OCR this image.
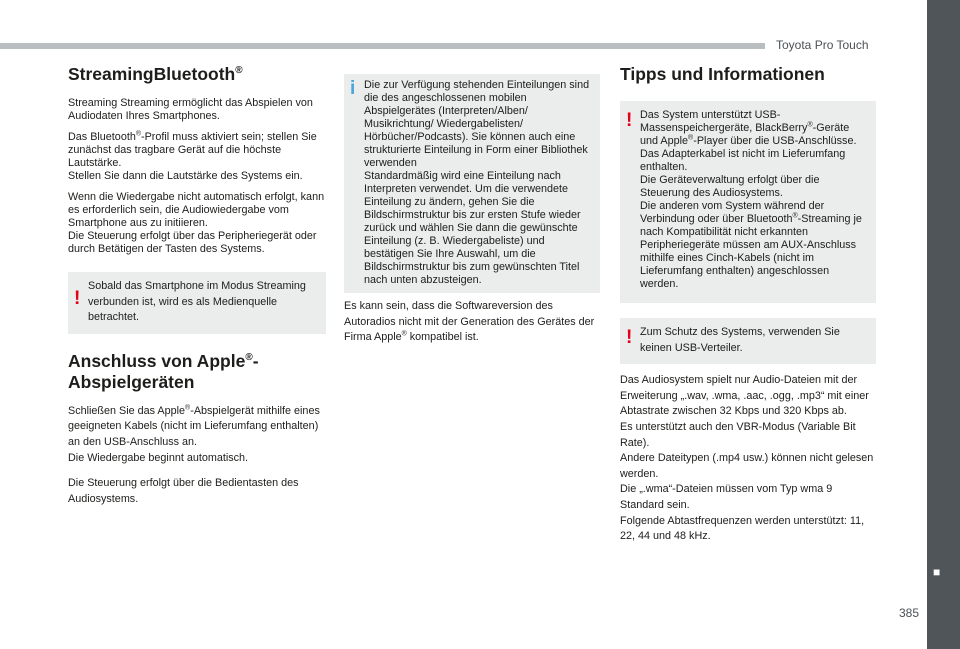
Toyota Pro Touch
■
385
StreamingBluetooth®

Streaming Streaming ermöglicht das Abspielen von Audiodaten Ihres Smartphones.

Das Bluetooth®-Profil muss aktiviert sein; stellen Sie zunächst das tragbare Gerät auf die höchste Lautstärke.
Stellen Sie dann die Lautstärke des Systems ein.

Wenn die Wiedergabe nicht automatisch erfolgt, kann es erforderlich sein, die Audiowiedergabe vom Smartphone aus zu initiieren.
Die Steuerung erfolgt über das Peripheriegerät oder durch Betätigen der Tasten des Systems.

!

Sobald das Smartphone im Modus Streaming verbunden ist, wird es als Medienquelle betrachtet.

Anschluss von Apple®-
Abspielgeräten

Schließen Sie das Apple®-Abspielgerät mithilfe eines geeigneten Kabels (nicht im Lieferumfang enthalten) an den USB-Anschluss an.
Die Wiedergabe beginnt automatisch.

Die Steuerung erfolgt über die Bedientasten des Audiosystems.

i Die zur Verfügung stehenden Einteilungen sind die des angeschlossenen mobilen Abspielgerätes (Interpreten/Alben/ Musikrichtung/ Wiedergabelisten/ Hörbücher/Podcasts). Sie können auch eine strukturierte Einteilung in Form einer Bibliothek verwenden

Standardmäßig wird eine Einteilung nach Interpreten verwendet. Um die verwendete Einteilung zu ändern, gehen Sie die Bildschirmstruktur bis zur ersten Stufe wieder zurück und wählen Sie dann die gewünschte Einteilung (z. B. Wiedergabeliste) und bestätigen Sie Ihre Auswahl, um die Bildschirmstruktur bis zum gewünschten Titel nach unten abzusteigen.

Es kann sein, dass die Softwareversion des Autoradios nicht mit der Generation des Gerätes der Firma Apple® kompatibel ist.

Tipps und Informationen
! Das System unterstützt USB-Massenspeichergeräte, BlackBerry®-Geräte und Apple®-Player über die USB-Anschlüsse. Das Adapterkabel ist nicht im Lieferumfang enthalten.
Die Geräteverwaltung erfolgt über die Steuerung des Audiosystems.
Die anderen vom System während der Verbindung oder über Bluetooth®-Streaming je nach Kompatibilität nicht erkannten Peripheriegeräte müssen am AUX-Anschluss mithilfe eines Cinch-Kabels (nicht im Lieferumfang enthalten) angeschlossen werden.

! Zum Schutz des Systems, verwenden Sie keinen USB-Verteiler.

Das Audiosystem spielt nur Audio-Dateien mit der Erweiterung „.wav, .wma, .aac, .ogg, .mp3“ mit einer Abtastrate zwischen 32 Kbps und 320 Kbps ab.

Es unterstützt auch den VBR-Modus (Variable Bit Rate).

Andere Dateitypen (.mp4 usw.) können nicht gelesen werden.

Die „.wma“-Dateien müssen vom Typ wma 9 Standard sein.

Folgende Abtastfrequenzen werden unterstützt: 11, 22, 44 und 48 kHz.
